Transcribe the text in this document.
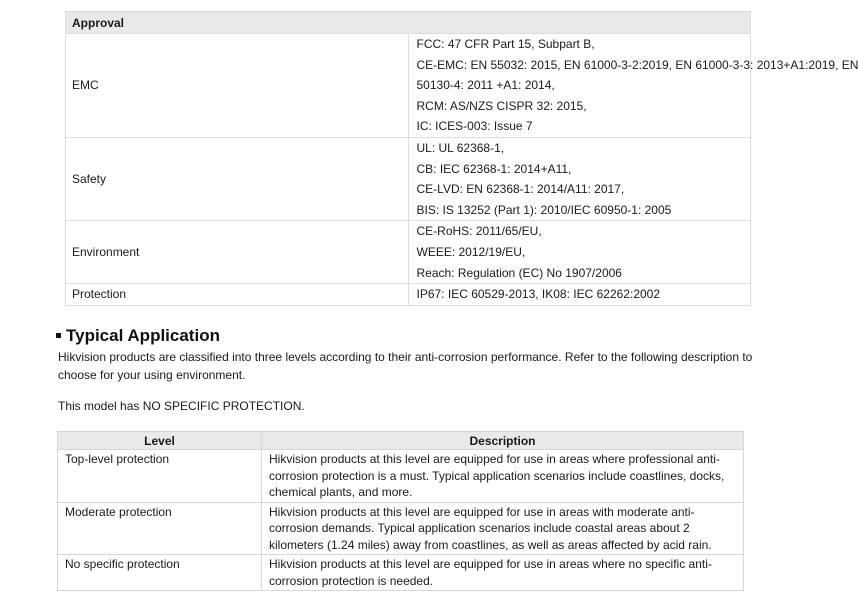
Approval	
EMC	FCC: 47 CFR Part 15, Subpart B,
CE-EMC: EN 55032: 2015, EN 61000-3-2:2019, EN 61000-3-3: 2013+A1:2019, EN
50130-4: 2011 +A1: 2014,
RCM: AS/NZS CISPR 32: 2015,
IC: ICES-003: Issue 7

Safety	UL: UL 62368-1,
CB: IEC 62368-1: 2014+A11,
CE-LVD: EN 62368-1: 2014/A11: 2017,
BIS: IS 13252 (Part 1): 2010/IEC 60950-1: 2005

Environment	CE-RoHS: 2011/65/EU,
WEEE: 2012/19/EU,
Reach: Regulation (EC) No 1907/2006

Protection	IP67: IEC 60529-2013, IK08: IEC 62262:2002
Typical Application
Hikvision products are classified into three levels according to their anti-corrosion performance. Refer to the following description to choose for your using environment.
This model has NO SPECIFIC PROTECTION.
Level	Description
Top-level protection	Hikvision products at this level are equipped for use in areas where professional anti-corrosion protection is a must. Typical application scenarios include coastlines, docks, chemical plants, and more.
Moderate protection	Hikvision products at this level are equipped for use in areas with moderate anti-corrosion demands. Typical application scenarios include coastal areas about 2 kilometers (1.24 miles) away from coastlines, as well as areas affected by acid rain.
No specific protection	Hikvision products at this level are equipped for use in areas where no specific anti-corrosion protection is needed.
